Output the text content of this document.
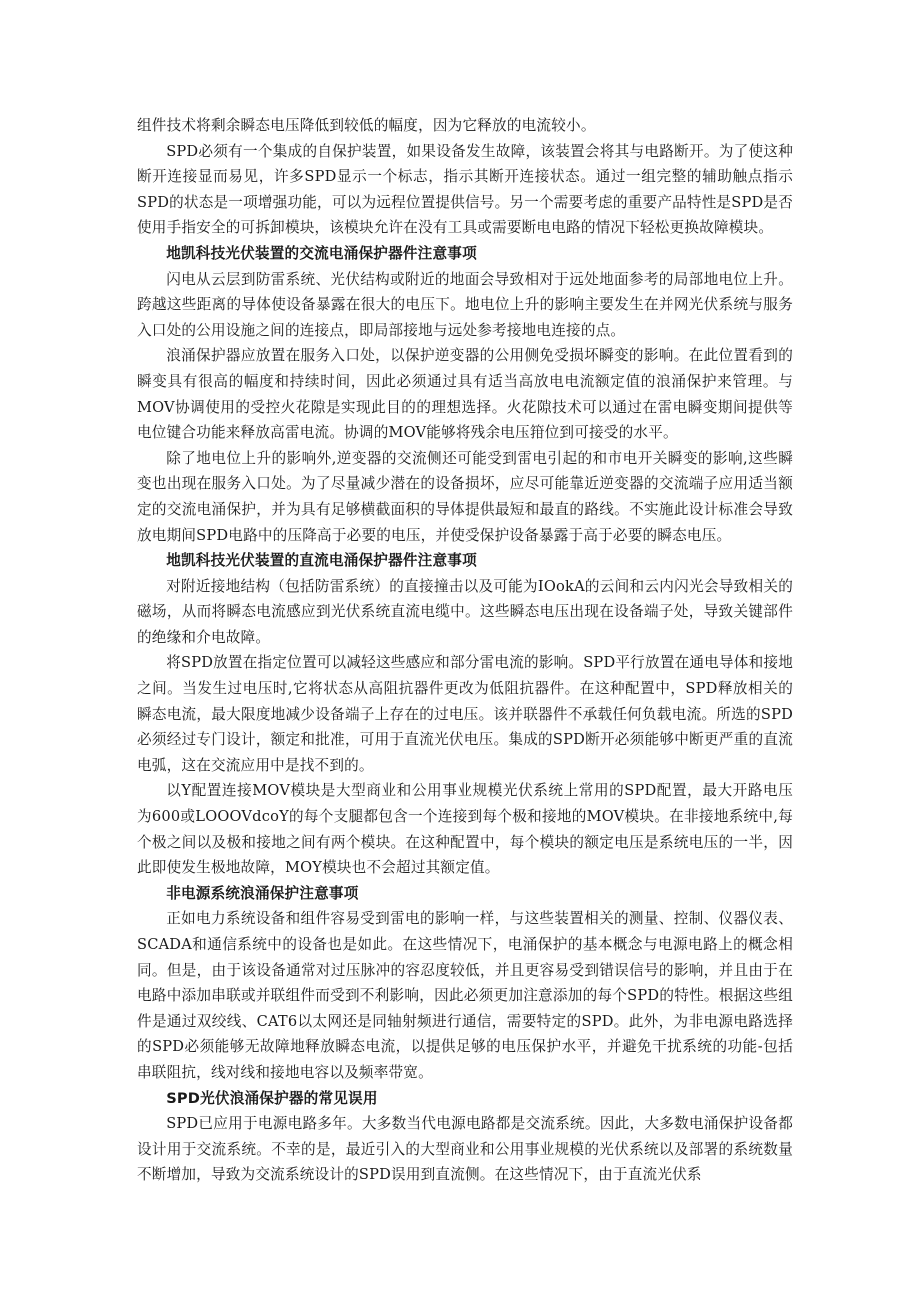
组件技术将剩余瞬态电压降低到较低的幅度，因为它释放的电流较小。

SPD必须有一个集成的自保护装置，如果设备发生故障，该装置会将其与电路断开。为了使这种断开连接显而易见，许多SPD显示一个标志，指示其断开连接状态。通过一组完整的辅助触点指示SPD的状态是一项增强功能，可以为远程位置提供信号。另一个需要考虑的重要产品特性是SPD是否使用手指安全的可拆卸模块，该模块允许在没有工具或需要断电电路的情况下轻松更换故障模块。

地凯科技光伏装置的交流电涌保护器件注意事项

闪电从云层到防雷系统、光伏结构或附近的地面会导致相对于远处地面参考的局部地电位上升。跨越这些距离的导体使设备暴露在很大的电压下。地电位上升的影响主要发生在并网光伏系统与服务入口处的公用设施之间的连接点，即局部接地与远处参考接地电连接的点。

浪涌保护器应放置在服务入口处，以保护逆变器的公用侧免受损坏瞬变的影响。在此位置看到的瞬变具有很高的幅度和持续时间，因此必须通过具有适当高放电电流额定值的浪涌保护来管理。与MOV协调使用的受控火花隙是实现此目的的理想选择。火花隙技术可以通过在雷电瞬变期间提供等电位键合功能来释放高雷电流。协调的MOV能够将残余电压箝位到可接受的水平。

除了地电位上升的影响外,逆变器的交流侧还可能受到雷电引起的和市电开关瞬变的影响,这些瞬变也出现在服务入口处。为了尽量减少潜在的设备损坏，应尽可能靠近逆变器的交流端子应用适当额定的交流电涌保护，并为具有足够横截面积的导体提供最短和最直的路线。不实施此设计标准会导致放电期间SPD电路中的压降高于必要的电压，并使受保护设备暴露于高于必要的瞬态电压。

地凯科技光伏装置的直流电涌保护器件注意事项

对附近接地结构（包括防雷系统）的直接撞击以及可能为IOokA的云间和云内闪光会导致相关的磁场，从而将瞬态电流感应到光伏系统直流电缆中。这些瞬态电压出现在设备端子处，导致关键部件的绝缘和介电故障。

将SPD放置在指定位置可以减轻这些感应和部分雷电流的影响。SPD平行放置在通电导体和接地之间。当发生过电压时,它将状态从高阻抗器件更改为低阻抗器件。在这种配置中，SPD释放相关的瞬态电流，最大限度地减少设备端子上存在的过电压。该并联器件不承载任何负载电流。所选的SPD必须经过专门设计，额定和批准，可用于直流光伏电压。集成的SPD断开必须能够中断更严重的直流电弧，这在交流应用中是找不到的。

以Y配置连接MOV模块是大型商业和公用事业规模光伏系统上常用的SPD配置，最大开路电压为600或LOOOVdcoY的每个支腿都包含一个连接到每个极和接地的MOV模块。在非接地系统中,每个极之间以及极和接地之间有两个模块。在这种配置中，每个模块的额定电压是系统电压的一半，因此即使发生极地故障，MOY模块也不会超过其额定值。

非电源系统浪涌保护注意事项

正如电力系统设备和组件容易受到雷电的影响一样，与这些装置相关的测量、控制、仪器仪表、SCADA和通信系统中的设备也是如此。在这些情况下，电涌保护的基本概念与电源电路上的概念相同。但是，由于该设备通常对过压脉冲的容忍度较低，并且更容易受到错误信号的影响，并且由于在电路中添加串联或并联组件而受到不利影响，因此必须更加注意添加的每个SPD的特性。根据这些组件是通过双绞线、CAT6以太网还是同轴射频进行通信，需要特定的SPD。此外，为非电源电路选择的SPD必须能够无故障地释放瞬态电流，以提供足够的电压保护水平，并避免干扰系统的功能-包括串联阻抗，线对线和接地电容以及频率带宽。

SPD光伏浪涌保护器的常见误用

SPD已应用于电源电路多年。大多数当代电源电路都是交流系统。因此，大多数电涌保护设备都设计用于交流系统。不幸的是，最近引入的大型商业和公用事业规模的光伏系统以及部署的系统数量不断增加，导致为交流系统设计的SPD误用到直流侧。在这些情况下，由于直流光伏系
